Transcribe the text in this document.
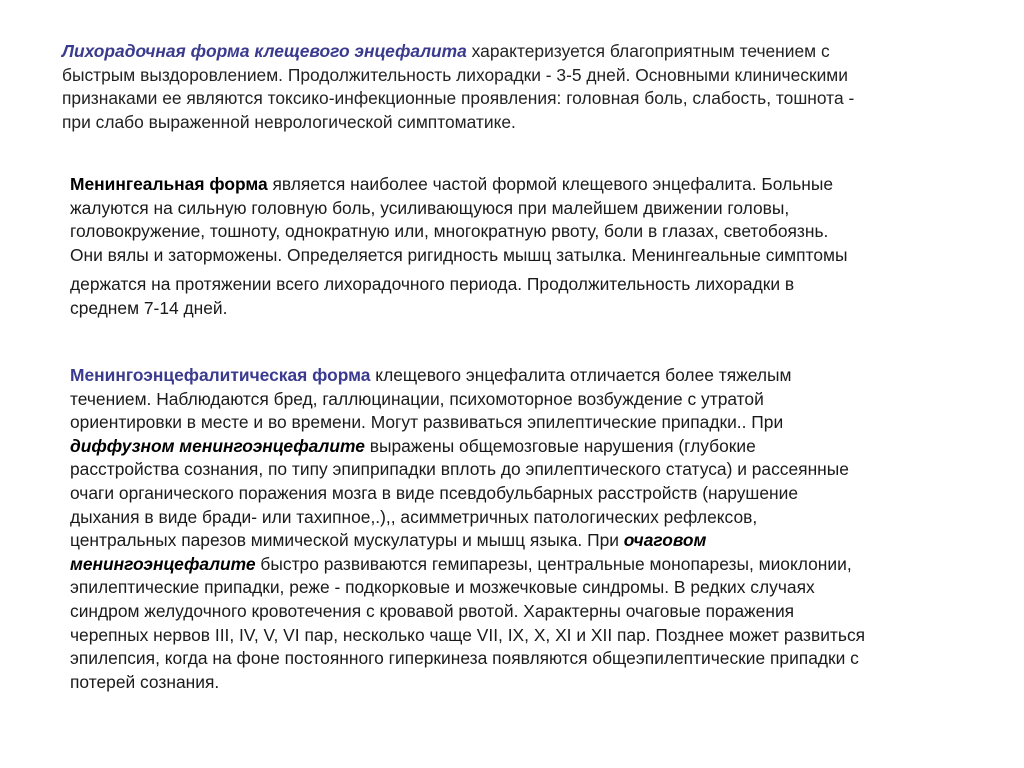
Лихорадочная форма клещевого энцефалита характеризуется благоприятным течением с
быстрым выздоровлением. Продолжительность лихорадки - 3-5 дней. Основными клиническими
признаками ее являются токсико-инфекционные проявления: головная боль, слабость, тошнота -
при слабо выраженной неврологической симптоматике.
Менингеальная форма является наиболее частой формой клещевого энцефалита. Больные
жалуются на сильную головную боль, усиливающуюся при малейшем движении головы,
головокружение, тошноту, однократную или, многократную рвоту, боли в глазах, светобоязнь.
Они вялы и заторможены. Определяется ригидность мышц затылка. Менингеальные симптомы
держатся на протяжении всего лихорадочного периода. Продолжительность лихорадки в
среднем 7-14 дней.
Менингоэнцефалитическая форма клещевого энцефалита отличается более тяжелым
течением. Наблюдаются бред, галлюцинации, психомоторное возбуждение с утратой
ориентировки в месте и во времени. Могут развиваться эпилептические припадки.. При
диффузном менингоэнцефалите выражены общемозговые нарушения (глубокие
расстройства сознания, по типу эпиприпадки вплоть до эпилептического статуса) и рассеянные
очаги органического поражения мозга в виде псевдобульбарных расстройств (нарушение
дыхания в виде бради- или тахипное,.),, асимметричных патологических рефлексов,
центральных парезов мимической мускулатуры и мышц языка. При очаговом
менингоэнцефалите быстро развиваются гемипарезы, центральные монопарезы, миоклонии,
эпилептические припадки, реже - подкорковые и мозжечковые синдромы. В редких случаях
синдром желудочного кровотечения с кровавой рвотой. Характерны очаговые поражения
черепных нервов III, IV, V, VI пар, несколько чаще VII, IX, X, XI и XII пар. Позднее может развиться
эпилепсия, когда на фоне постоянного гиперкинеза появляются общеэпилептические припадки с
потерей сознания.
